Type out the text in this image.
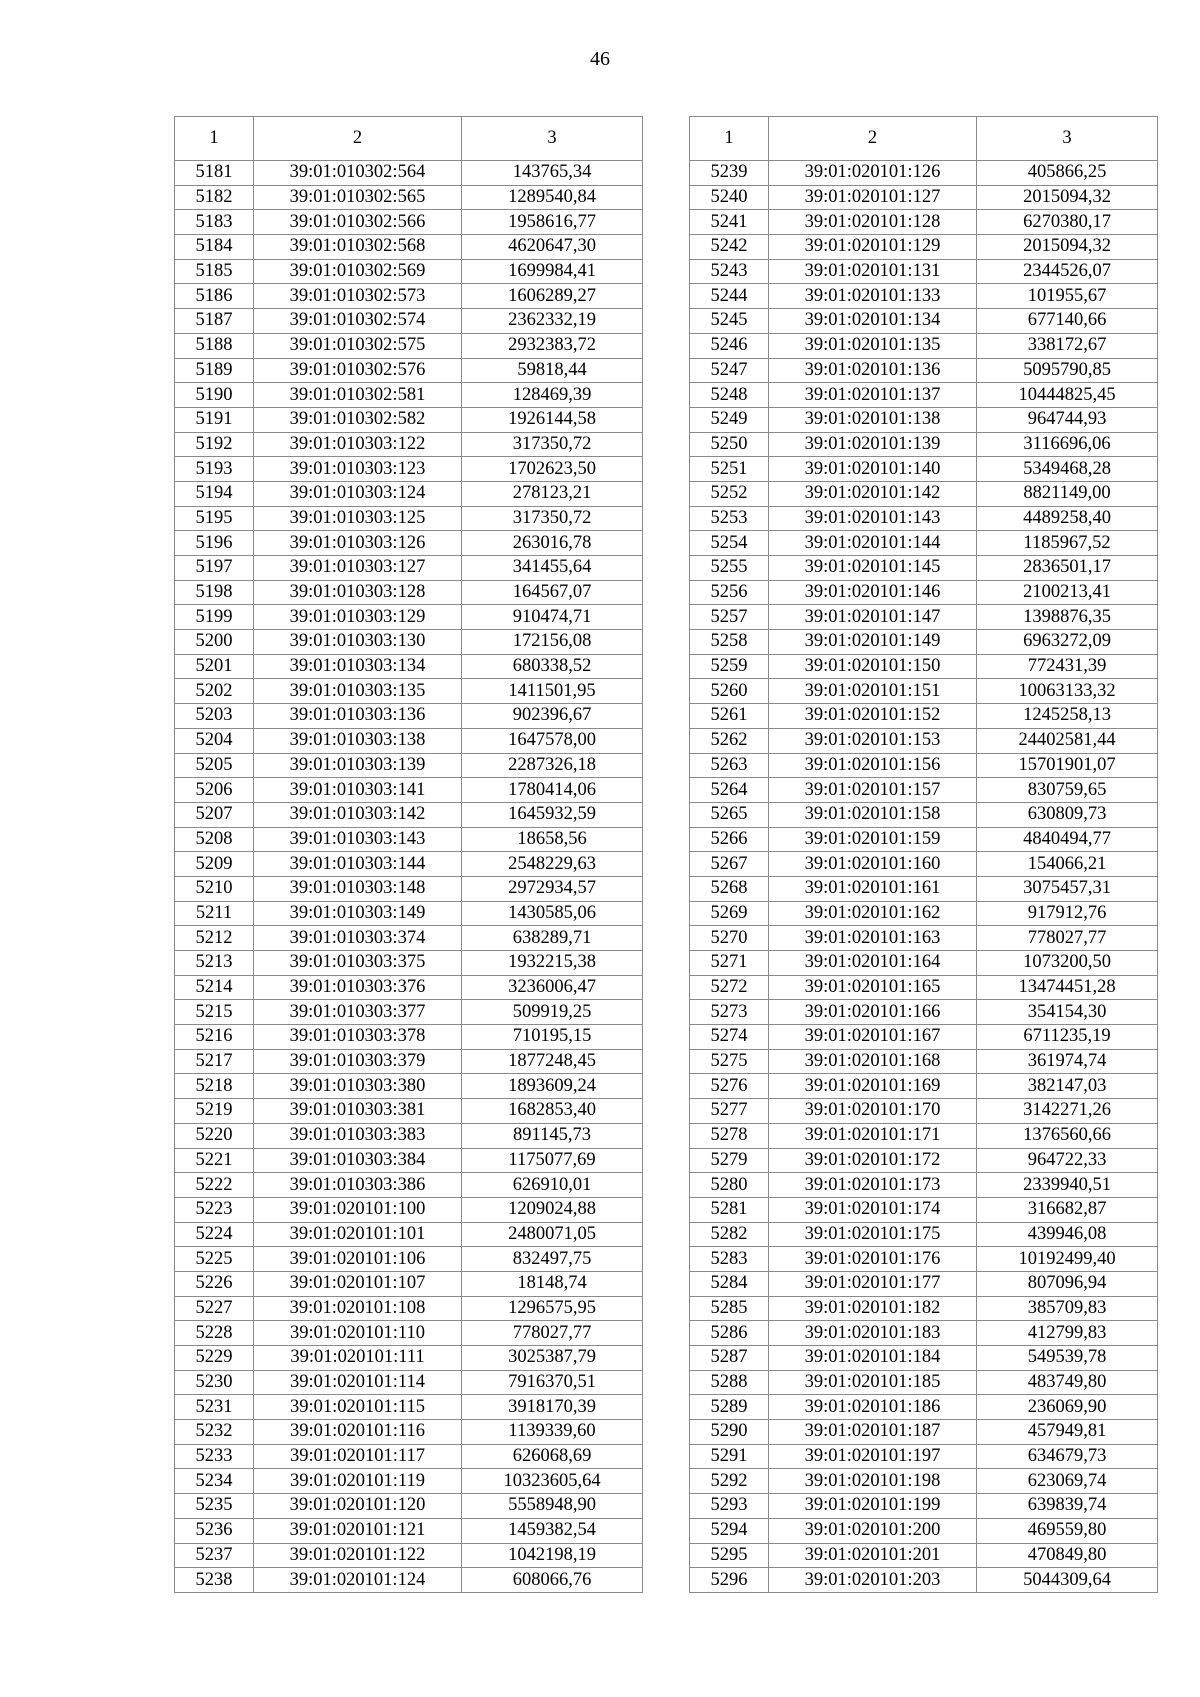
46
1	2	3
5181	39:01:010302:564	143765,34
5182	39:01:010302:565	1289540,84
5183	39:01:010302:566	1958616,77
5184	39:01:010302:568	4620647,30
5185	39:01:010302:569	1699984,41
5186	39:01:010302:573	1606289,27
5187	39:01:010302:574	2362332,19
5188	39:01:010302:575	2932383,72
5189	39:01:010302:576	59818,44
5190	39:01:010302:581	128469,39
5191	39:01:010302:582	1926144,58
5192	39:01:010303:122	317350,72
5193	39:01:010303:123	1702623,50
5194	39:01:010303:124	278123,21
5195	39:01:010303:125	317350,72
5196	39:01:010303:126	263016,78
5197	39:01:010303:127	341455,64
5198	39:01:010303:128	164567,07
5199	39:01:010303:129	910474,71
5200	39:01:010303:130	172156,08
5201	39:01:010303:134	680338,52
5202	39:01:010303:135	1411501,95
5203	39:01:010303:136	902396,67
5204	39:01:010303:138	1647578,00
5205	39:01:010303:139	2287326,18
5206	39:01:010303:141	1780414,06
5207	39:01:010303:142	1645932,59
5208	39:01:010303:143	18658,56
5209	39:01:010303:144	2548229,63
5210	39:01:010303:148	2972934,57
5211	39:01:010303:149	1430585,06
5212	39:01:010303:374	638289,71
5213	39:01:010303:375	1932215,38
5214	39:01:010303:376	3236006,47
5215	39:01:010303:377	509919,25
5216	39:01:010303:378	710195,15
5217	39:01:010303:379	1877248,45
5218	39:01:010303:380	1893609,24
5219	39:01:010303:381	1682853,40
5220	39:01:010303:383	891145,73
5221	39:01:010303:384	1175077,69
5222	39:01:010303:386	626910,01
5223	39:01:020101:100	1209024,88
5224	39:01:020101:101	2480071,05
5225	39:01:020101:106	832497,75
5226	39:01:020101:107	18148,74
5227	39:01:020101:108	1296575,95
5228	39:01:020101:110	778027,77
5229	39:01:020101:111	3025387,79
5230	39:01:020101:114	7916370,51
5231	39:01:020101:115	3918170,39
5232	39:01:020101:116	1139339,60
5233	39:01:020101:117	626068,69
5234	39:01:020101:119	10323605,64
5235	39:01:020101:120	5558948,90
5236	39:01:020101:121	1459382,54
5237	39:01:020101:122	1042198,19
5238	39:01:020101:124	608066,76
1	2	3
5239	39:01:020101:126	405866,25
5240	39:01:020101:127	2015094,32
5241	39:01:020101:128	6270380,17
5242	39:01:020101:129	2015094,32
5243	39:01:020101:131	2344526,07
5244	39:01:020101:133	101955,67
5245	39:01:020101:134	677140,66
5246	39:01:020101:135	338172,67
5247	39:01:020101:136	5095790,85
5248	39:01:020101:137	10444825,45
5249	39:01:020101:138	964744,93
5250	39:01:020101:139	3116696,06
5251	39:01:020101:140	5349468,28
5252	39:01:020101:142	8821149,00
5253	39:01:020101:143	4489258,40
5254	39:01:020101:144	1185967,52
5255	39:01:020101:145	2836501,17
5256	39:01:020101:146	2100213,41
5257	39:01:020101:147	1398876,35
5258	39:01:020101:149	6963272,09
5259	39:01:020101:150	772431,39
5260	39:01:020101:151	10063133,32
5261	39:01:020101:152	1245258,13
5262	39:01:020101:153	24402581,44
5263	39:01:020101:156	15701901,07
5264	39:01:020101:157	830759,65
5265	39:01:020101:158	630809,73
5266	39:01:020101:159	4840494,77
5267	39:01:020101:160	154066,21
5268	39:01:020101:161	3075457,31
5269	39:01:020101:162	917912,76
5270	39:01:020101:163	778027,77
5271	39:01:020101:164	1073200,50
5272	39:01:020101:165	13474451,28
5273	39:01:020101:166	354154,30
5274	39:01:020101:167	6711235,19
5275	39:01:020101:168	361974,74
5276	39:01:020101:169	382147,03
5277	39:01:020101:170	3142271,26
5278	39:01:020101:171	1376560,66
5279	39:01:020101:172	964722,33
5280	39:01:020101:173	2339940,51
5281	39:01:020101:174	316682,87
5282	39:01:020101:175	439946,08
5283	39:01:020101:176	10192499,40
5284	39:01:020101:177	807096,94
5285	39:01:020101:182	385709,83
5286	39:01:020101:183	412799,83
5287	39:01:020101:184	549539,78
5288	39:01:020101:185	483749,80
5289	39:01:020101:186	236069,90
5290	39:01:020101:187	457949,81
5291	39:01:020101:197	634679,73
5292	39:01:020101:198	623069,74
5293	39:01:020101:199	639839,74
5294	39:01:020101:200	469559,80
5295	39:01:020101:201	470849,80
5296	39:01:020101:203	5044309,64
